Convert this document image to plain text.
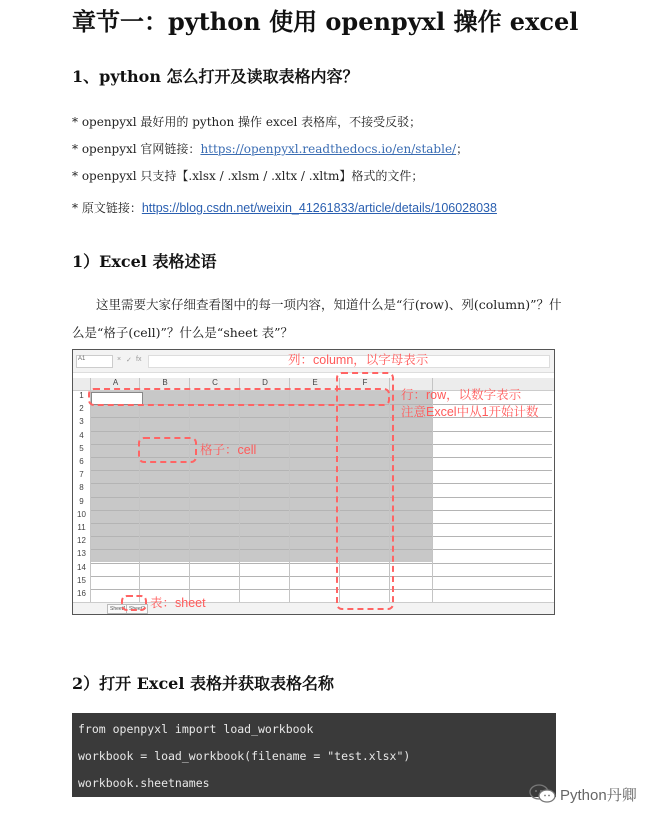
章节一：python 使用 openpyxl 操作 excel
1、python 怎么打开及读取表格内容？
* openpyxl 最好用的 python 操作 excel 表格库，不接受反驳；
* openpyxl 官网链接：https://openpyxl.readthedocs.io/en/stable/；
* openpyxl 只支持【.xlsx / .xlsm / .xltx / .xltm】格式的文件；
* 原文链接：https://blog.csdn.net/weixin_41261833/article/details/106028038
1）Excel 表格述语
这里需要大家仔细查看图中的每一项内容，知道什么是“行(row)、列(column)”？什
么是“格子(cell)”？什么是“sheet 表”？
A1	× ✓ fx
A	B	C	D	E	F
1
2
3
4
5
6
7
8
9
10
11
12
13
14
15
16
Sheet1 Sheet2
列：column，以字母表示
行：row，以数字表示
注意Excel中从1开始计数
格子：cell
表：sheet
2）打开 Excel 表格并获取表格名称
from openpyxl import load_workbook
workbook = load_workbook(filename = "test.xlsx")
workbook.sheetnames
Python丹卿
